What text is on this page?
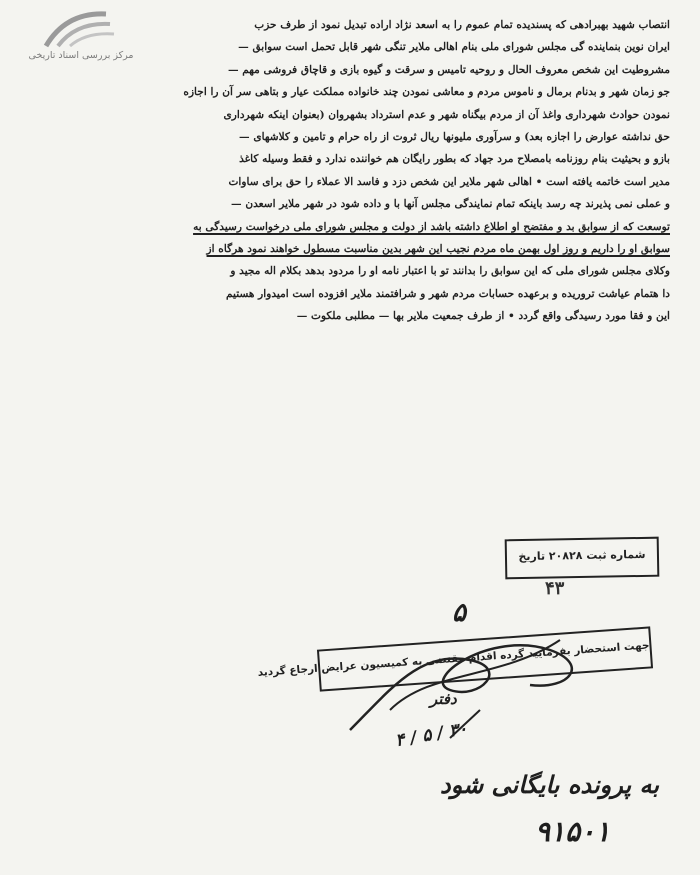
مرکز بررسی اسناد تاریخی
انتصاب شهید بهبرادهی که پسندیده تمام عموم را به اسعد نژاد اراده تبدیل نمود از طرف حزب
ایران نوین بنماینده گی مجلس شورای ملی بنام اهالی ملایر تنگی شهر قابل تحمل است سوابق —
مشروطیت این شخص معروف الحال و روحیه تامیس و سرقت و گیوه بازی و قاچاق فروشی مهم —
جو زمان شهر و بدنام برمال و ناموس مردم و معاشی نمودن چند خانواده مملکت عیار و بتاهی سر آن را اجازه
نمودن حوادث شهرداری واغذ آن از مردم بیگناه شهر و عدم استرداد بشهروان (بعنوان اینکه شهرداری
حق نداشته عوارض را اجازه بعد) و سرآوری ملیونها ریال ثروت از راه حرام و تامین و کلاشهای —
بازو و بحیثیت بنام روزنامه بامصلاح مرد جهاد که بطور رایگان هم خواننده ندارد و فقط وسیله کاغذ
مدیر است خاتمه یافته است • اهالی شهر ملایر این شخص دزد و فاسد الا عملاء را حق برای ساوات
و عملی نمی پذیرند چه رسد باینکه تمام نمایندگی مجلس آنها با و داده شود در شهر ملایر اسعدن —
توسعت که از سوابق بد و مفتضح او اطلاع داشته باشد از دولت و مجلس شورای ملی درخواست رسیدگی به
سوابق او را داریم و روز اول بهمن ماه مردم نجیب این شهر بدین مناسبت مسطول خواهند نمود هرگاه از
وکلای مجلس شورای ملی که این سوابق را بدانند تو با اعتبار نامه او را مردود بدهد بکلام اله مجید و
دا هتمام عیاشت تروریده و برعهده حسابات مردم شهر و شرافتمند ملایر افزوده است امیدوار هستیم
این و فقا مورد رسیدگی واقع گردد • از طرف جمعیت ملایر بها — مطلبی ملکوت —
شماره ثبت ۲۰۸۲۸ تاریخ
۴۳
۵
جهت استحضار بفرمایید گرده اقدام مقتضی به کمیسیون عرایض ارجاع گردید
دفتر
۳۰ / ۵ / ۴
به پرونده بایگانی شود
۹۱۵۰۱
